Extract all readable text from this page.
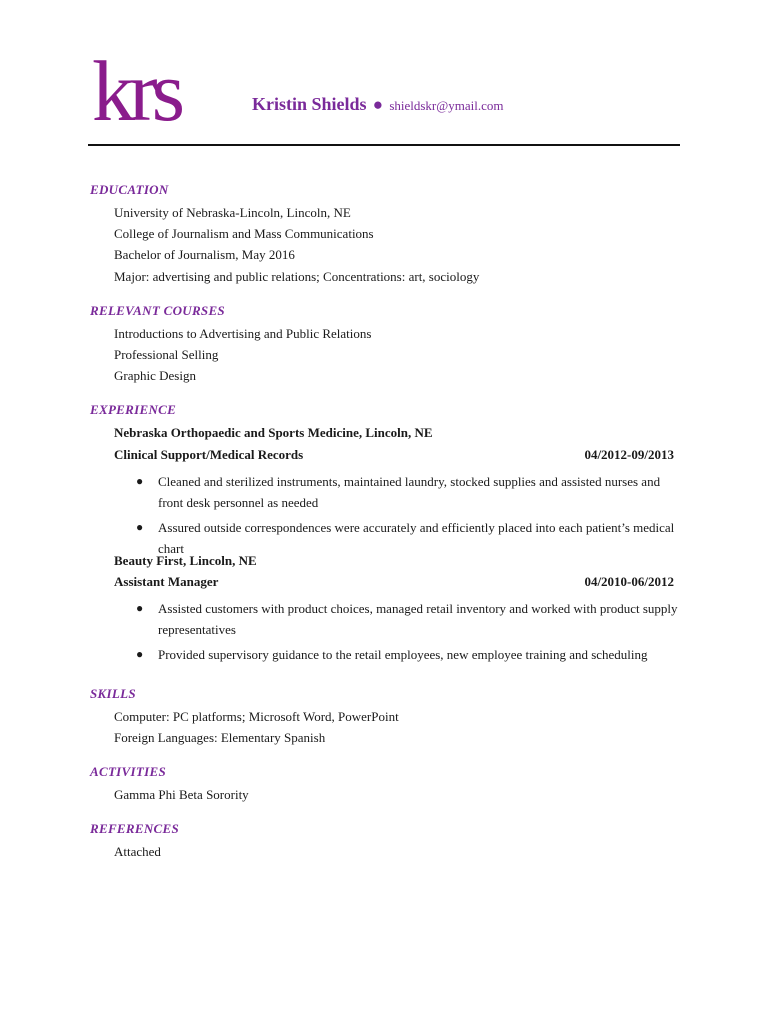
krs	Kristin Shields ● shieldskr@ymail.com
EDUCATION
University of Nebraska-Lincoln, Lincoln, NE
College of Journalism and Mass Communications
Bachelor of Journalism, May 2016
Major: advertising and public relations; Concentrations: art, sociology
RELEVANT COURSES
Introductions to Advertising and Public Relations
Professional Selling
Graphic Design
EXPERIENCE
Nebraska Orthopaedic and Sports Medicine, Lincoln, NE
Clinical Support/Medical Records	04/2012-09/2013
● Cleaned and sterilized instruments, maintained laundry, stocked supplies and assisted nurses and front desk personnel as needed
● Assured outside correspondences were accurately and efficiently placed into each patient’s medical chart
Beauty First, Lincoln, NE
Assistant Manager	04/2010-06/2012
● Assisted customers with product choices, managed retail inventory and worked with product supply representatives
● Provided supervisory guidance to the retail employees, new employee training and scheduling
SKILLS
Computer: PC platforms; Microsoft Word, PowerPoint
Foreign Languages: Elementary Spanish
ACTIVITIES
Gamma Phi Beta Sorority
REFERENCES
Attached
